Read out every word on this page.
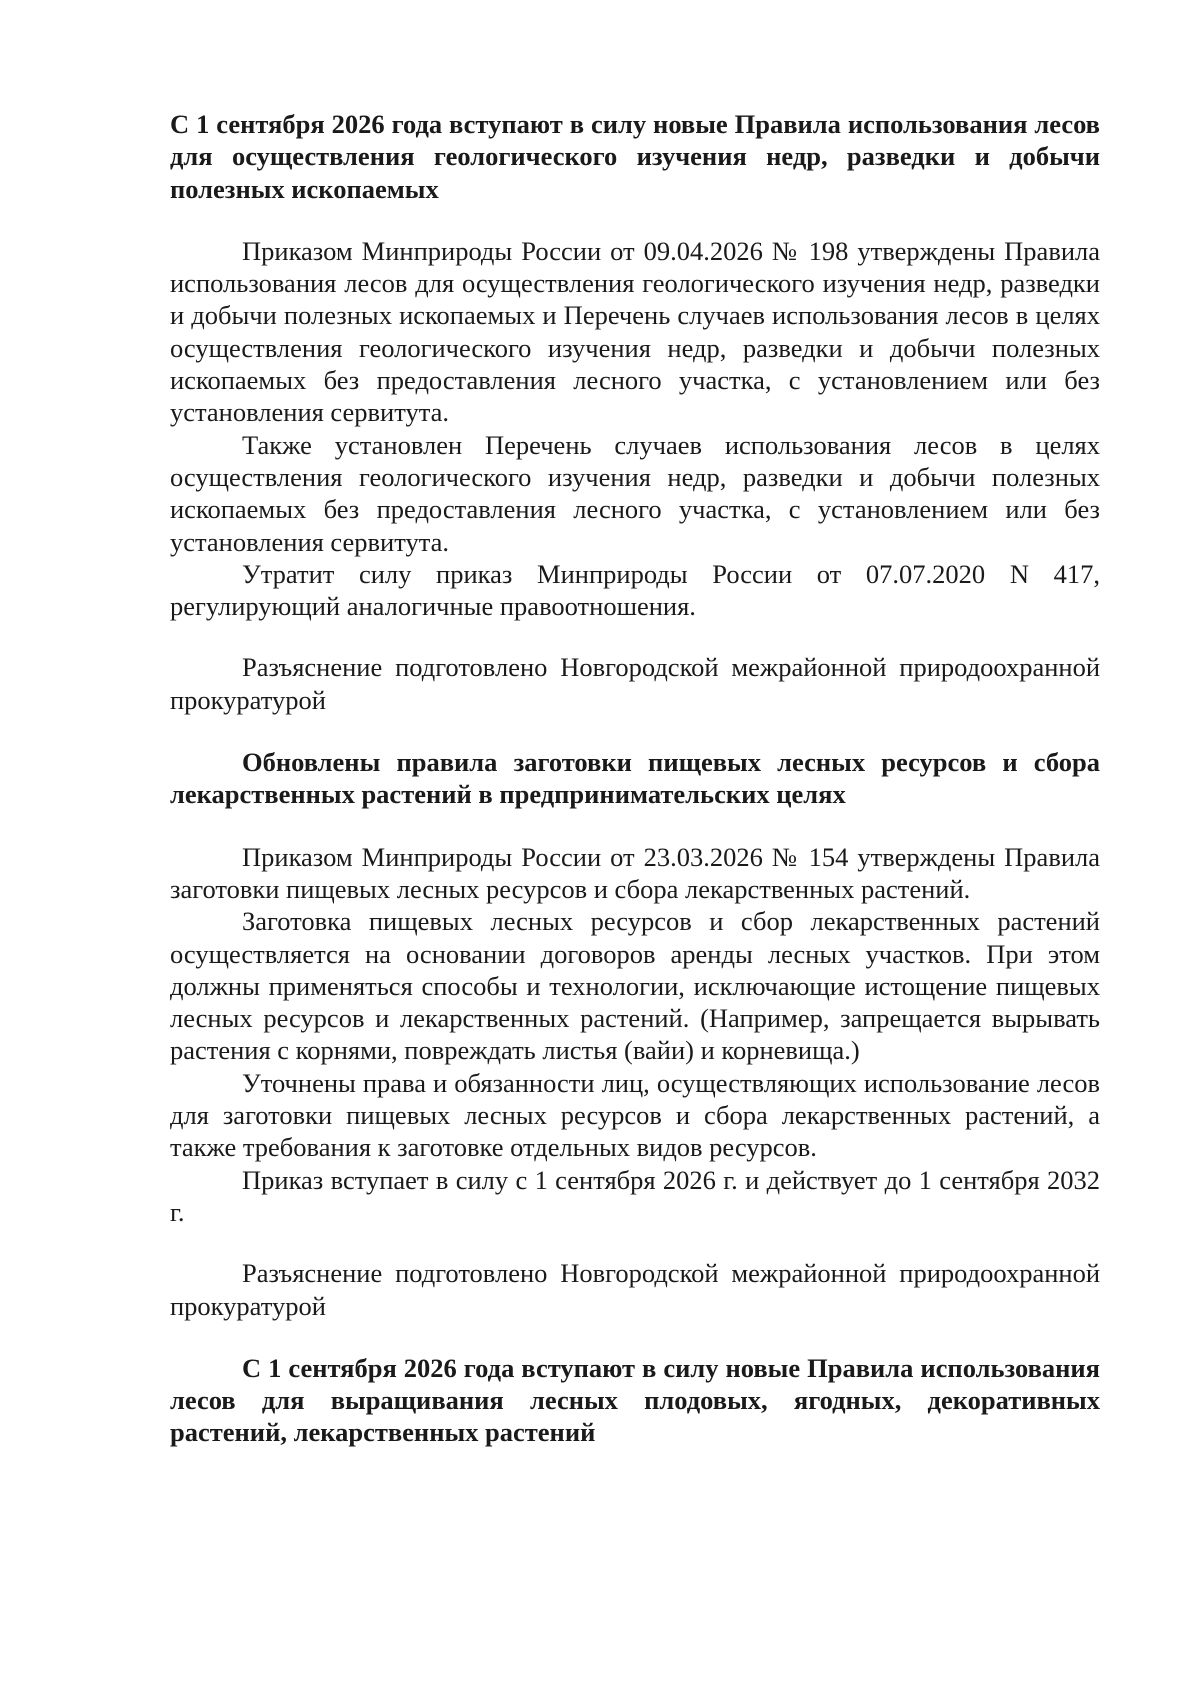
С 1 сентября 2026 года вступают в силу новые Правила использования лесов для осуществления геологического изучения недр, разведки и добычи полезных ископаемых

Приказом Минприроды России от 09.04.2026 № 198 утверждены Правила использования лесов для осуществления геологического изучения недр, разведки и добычи полезных ископаемых и Перечень случаев использования лесов в целях осуществления геологического изучения недр, разведки и добычи полезных ископаемых без предоставления лесного участка, с установлением или без установления сервитута.

Также установлен Перечень случаев использования лесов в целях осуществления геологического изучения недр, разведки и добычи полезных ископаемых без предоставления лесного участка, с установлением или без установления сервитута.

Утратит силу приказ Минприроды России от 07.07.2020 N 417, регулирующий аналогичные правоотношения.

Разъяснение подготовлено Новгородской межрайонной природоохранной прокуратурой

Обновлены правила заготовки пищевых лесных ресурсов и сбора лекарственных растений в предпринимательских целях

Приказом Минприроды России от 23.03.2026 № 154 утверждены Правила заготовки пищевых лесных ресурсов и сбора лекарственных растений.

Заготовка пищевых лесных ресурсов и сбор лекарственных растений осуществляется на основании договоров аренды лесных участков. При этом должны применяться способы и технологии, исключающие истощение пищевых лесных ресурсов и лекарственных растений. (Например, запрещается вырывать растения с корнями, повреждать листья (вайи) и корневища.)

Уточнены права и обязанности лиц, осуществляющих использование лесов для заготовки пищевых лесных ресурсов и сбора лекарственных растений, а также требования к заготовке отдельных видов ресурсов.

Приказ вступает в силу с 1 сентября 2026 г. и действует до 1 сентября 2032 г.

Разъяснение подготовлено Новгородской межрайонной природоохранной прокуратурой

С 1 сентября 2026 года вступают в силу новые Правила использования лесов для выращивания лесных плодовых, ягодных, декоративных растений, лекарственных растений
